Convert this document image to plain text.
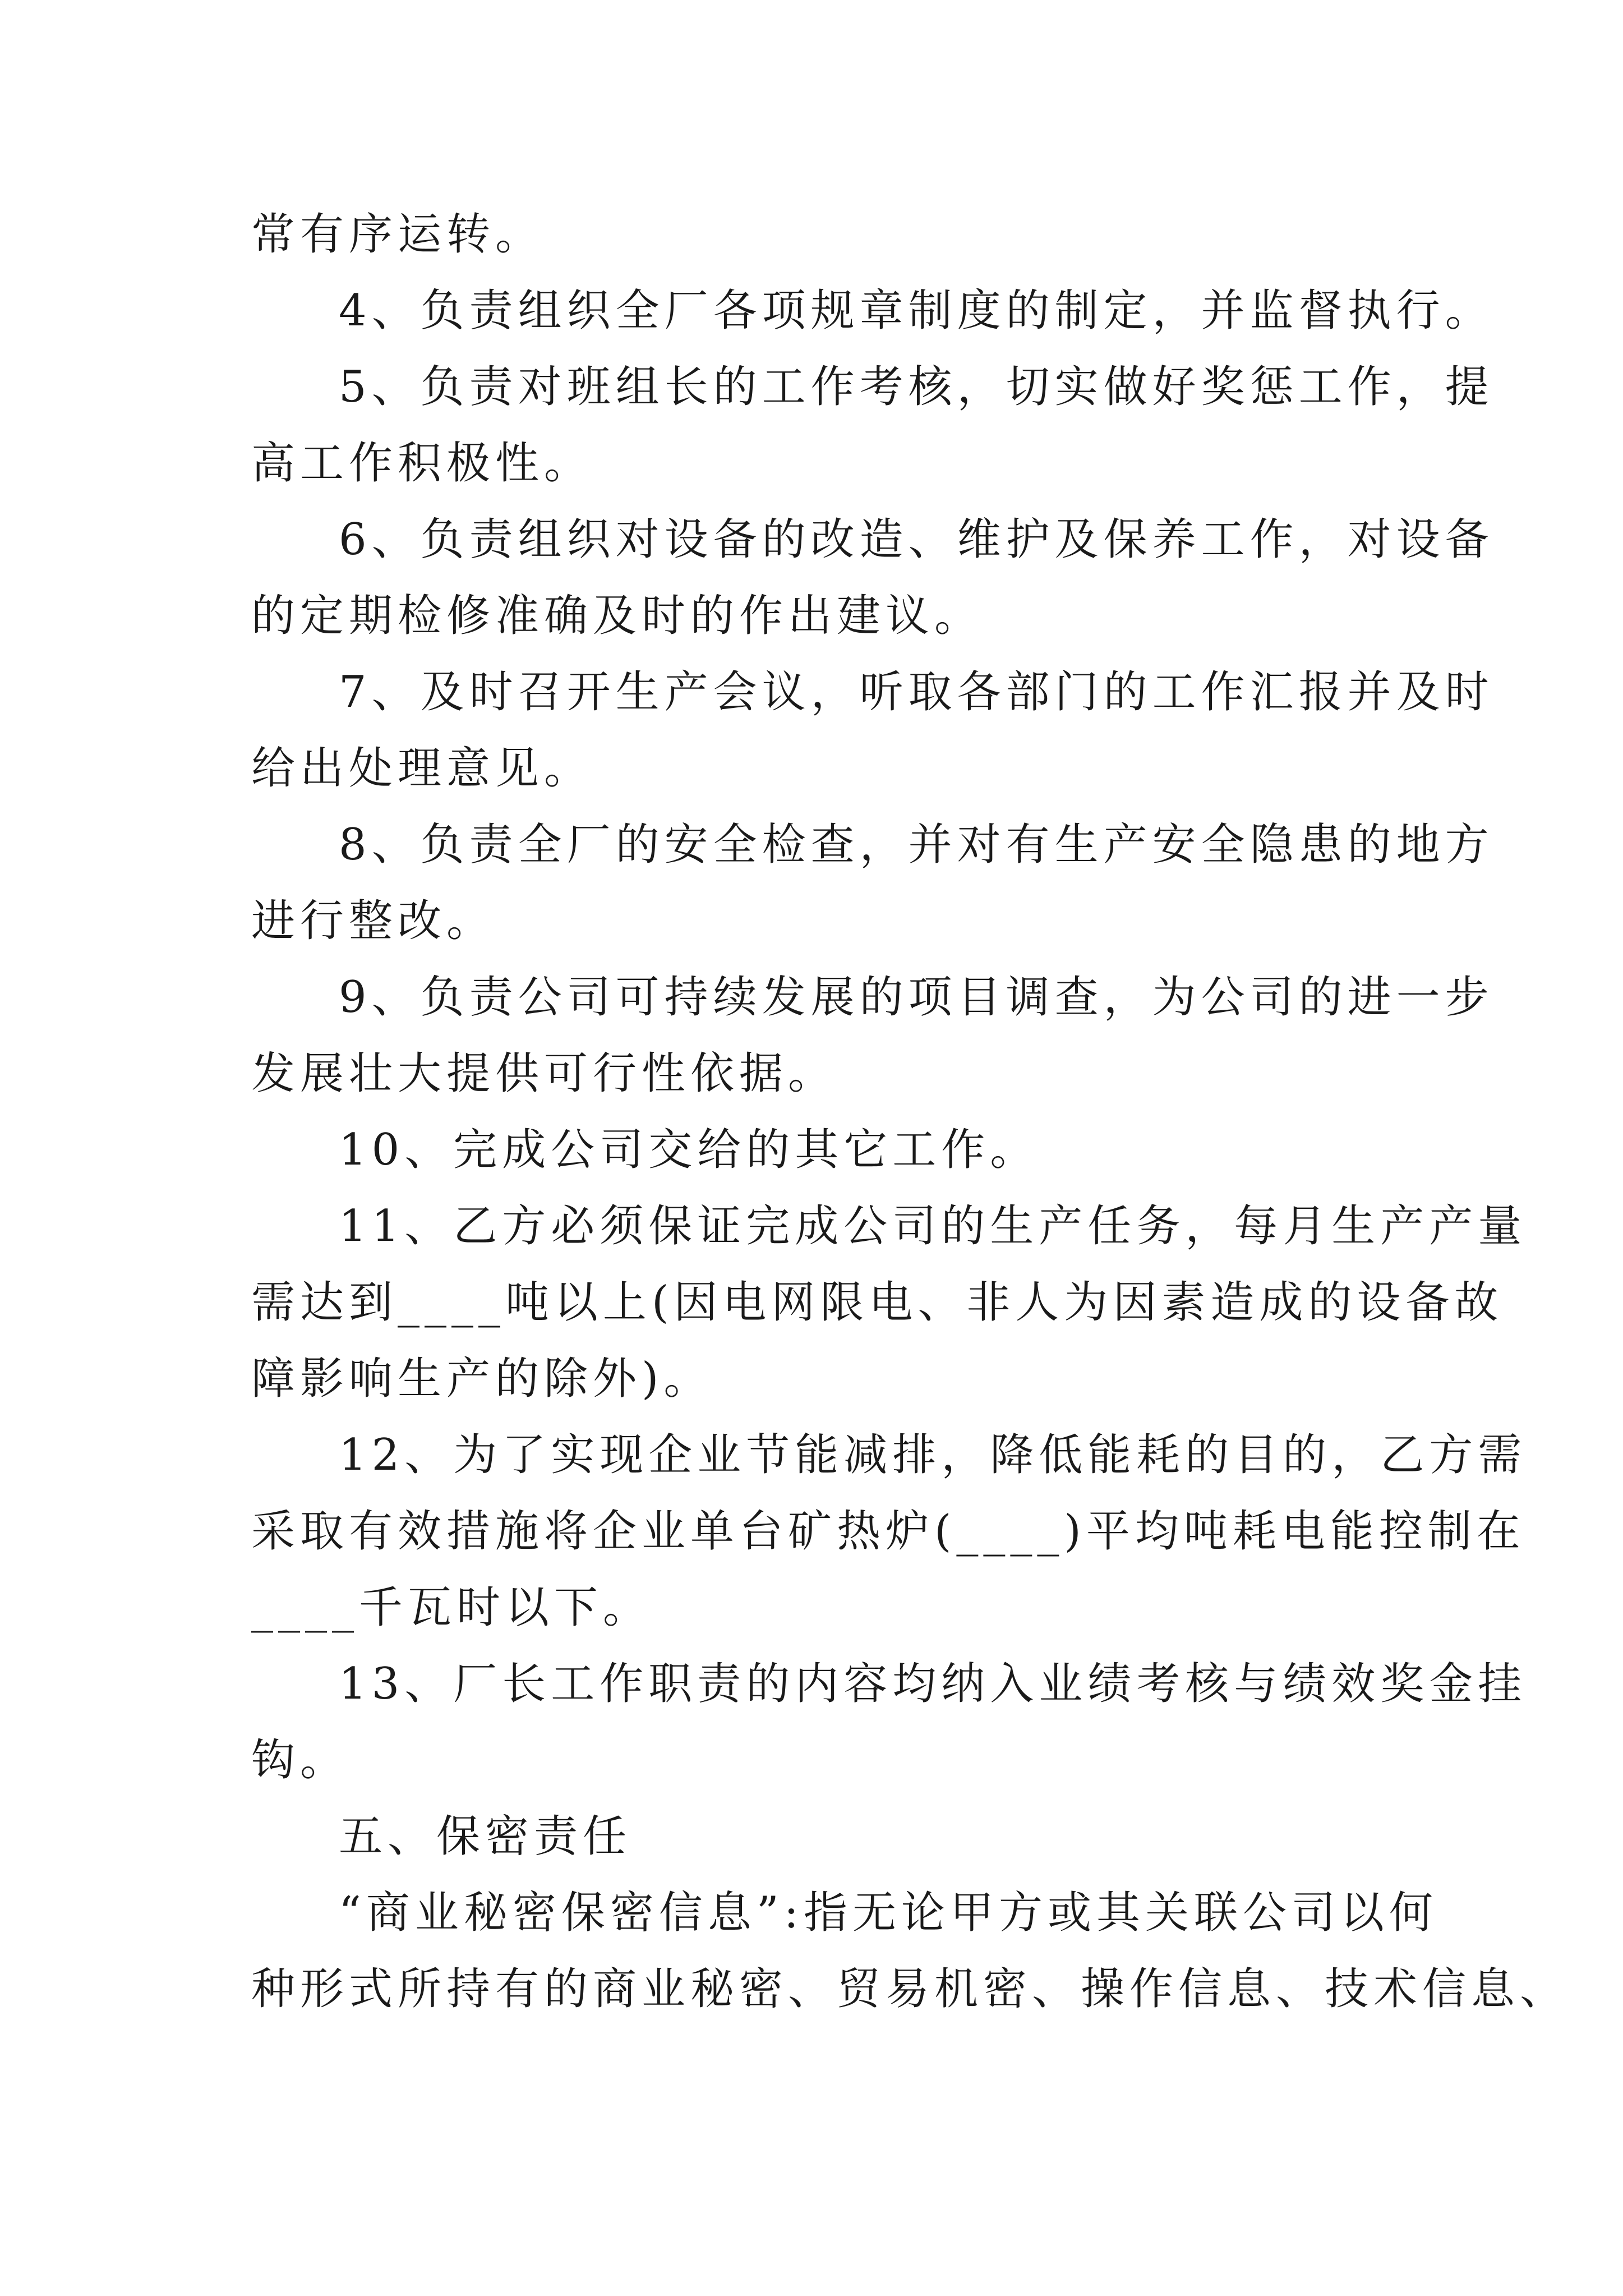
常有序运转。

4、负责组织全厂各项规章制度的制定，并监督执行。

5、负责对班组长的工作考核，切实做好奖惩工作，提
高工作积极性。

6、负责组织对设备的改造、维护及保养工作，对设备
的定期检修准确及时的作出建议。

7、及时召开生产会议，听取各部门的工作汇报并及时
给出处理意见。

8、负责全厂的安全检查，并对有生产安全隐患的地方
进行整改。

9、负责公司可持续发展的项目调查，为公司的进一步
发展壮大提供可行性依据。

10、完成公司交给的其它工作。

11、乙方必须保证完成公司的生产任务，每月生产产量
需达到____吨以上(因电网限电、非人为因素造成的设备故
障影响生产的除外)。

12、为了实现企业节能减排，降低能耗的目的，乙方需
采取有效措施将企业单台矿热炉(____)平均吨耗电能控制在
____千瓦时以下。

13、厂长工作职责的内容均纳入业绩考核与绩效奖金挂
钩。

五、保密责任

“商业秘密保密信息”:指无论甲方或其关联公司以何
种形式所持有的商业秘密、贸易机密、操作信息、技术信息、
